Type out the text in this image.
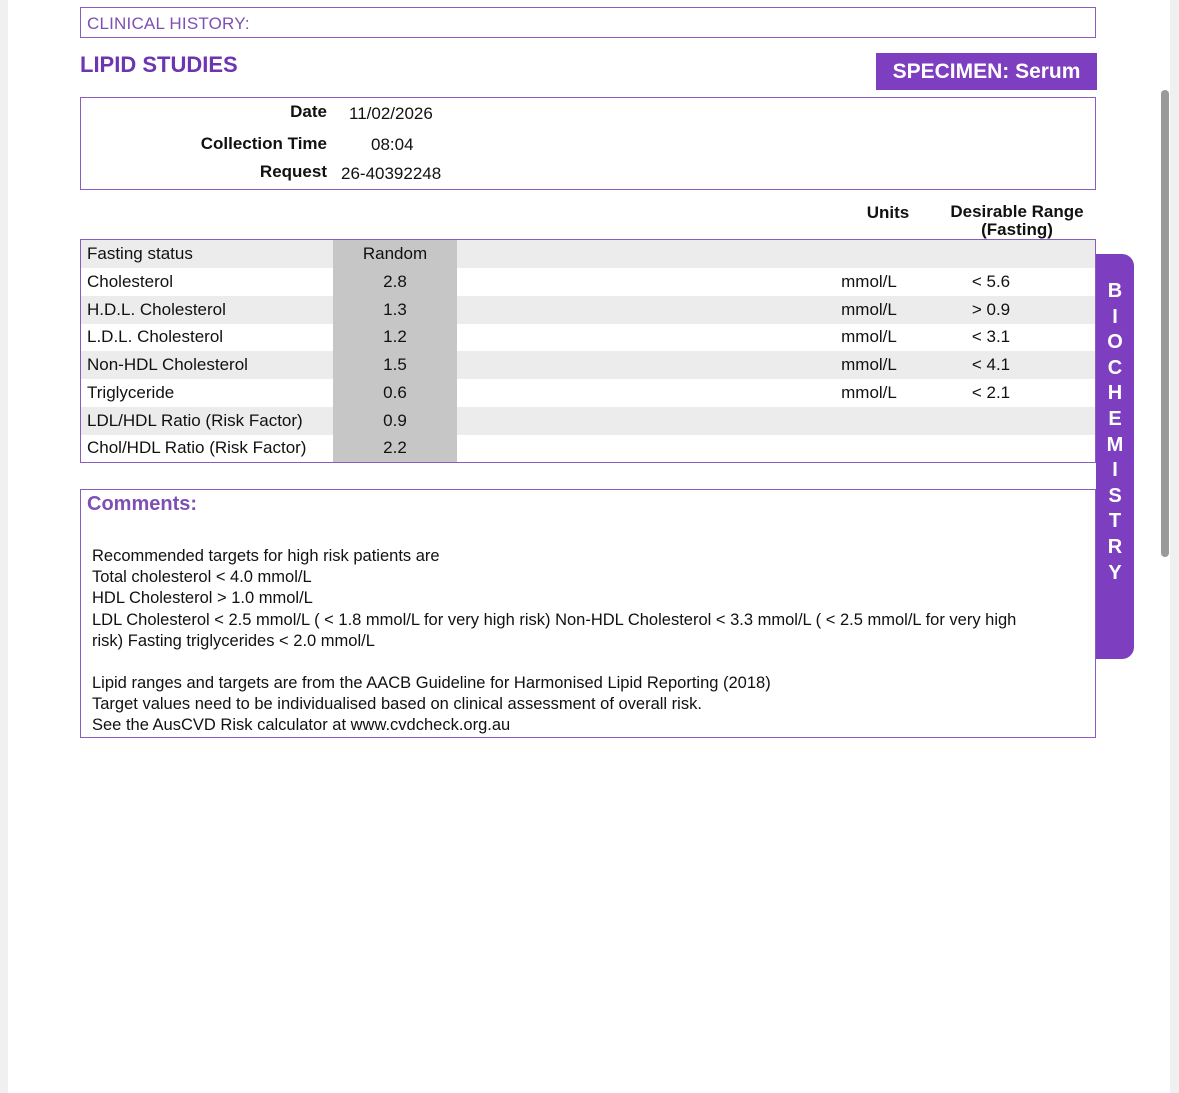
CLINICAL HISTORY:
LIPID STUDIES	SPECIMEN: Serum
Date 11/02/2026
Collection Time	08:04
Request 26-40392248
Units	Desirable Range
(Fasting)
Fasting status	Random
Cholesterol	2.8	mmol/L	< 5.6
H.D.L. Cholesterol	1.3	mmol/L	> 0.9
L.D.L. Cholesterol	1.2	mmol/L	< 3.1
Non-HDL Cholesterol	1.5	mmol/L	< 4.1
Triglyceride	0.6	mmol/L	< 2.1
LDL/HDL Ratio (Risk Factor)	0.9
Chol/HDL Ratio (Risk Factor)	2.2
B
I
O
C
H
E
M
I
S
T
R
Y
Comments:
Recommended targets for high risk patients are
Total cholesterol < 4.0 mmol/L
HDL Cholesterol > 1.0 mmol/L
LDL Cholesterol < 2.5 mmol/L ( < 1.8 mmol/L for very high risk) Non-HDL Cholesterol < 3.3 mmol/L ( < 2.5 mmol/L for very high
risk) Fasting triglycerides < 2.0 mmol/L
Lipid ranges and targets are from the AACB Guideline for Harmonised Lipid Reporting (2018)
Target values need to be individualised based on clinical assessment of overall risk.
See the AusCVD Risk calculator at www.cvdcheck.org.au
